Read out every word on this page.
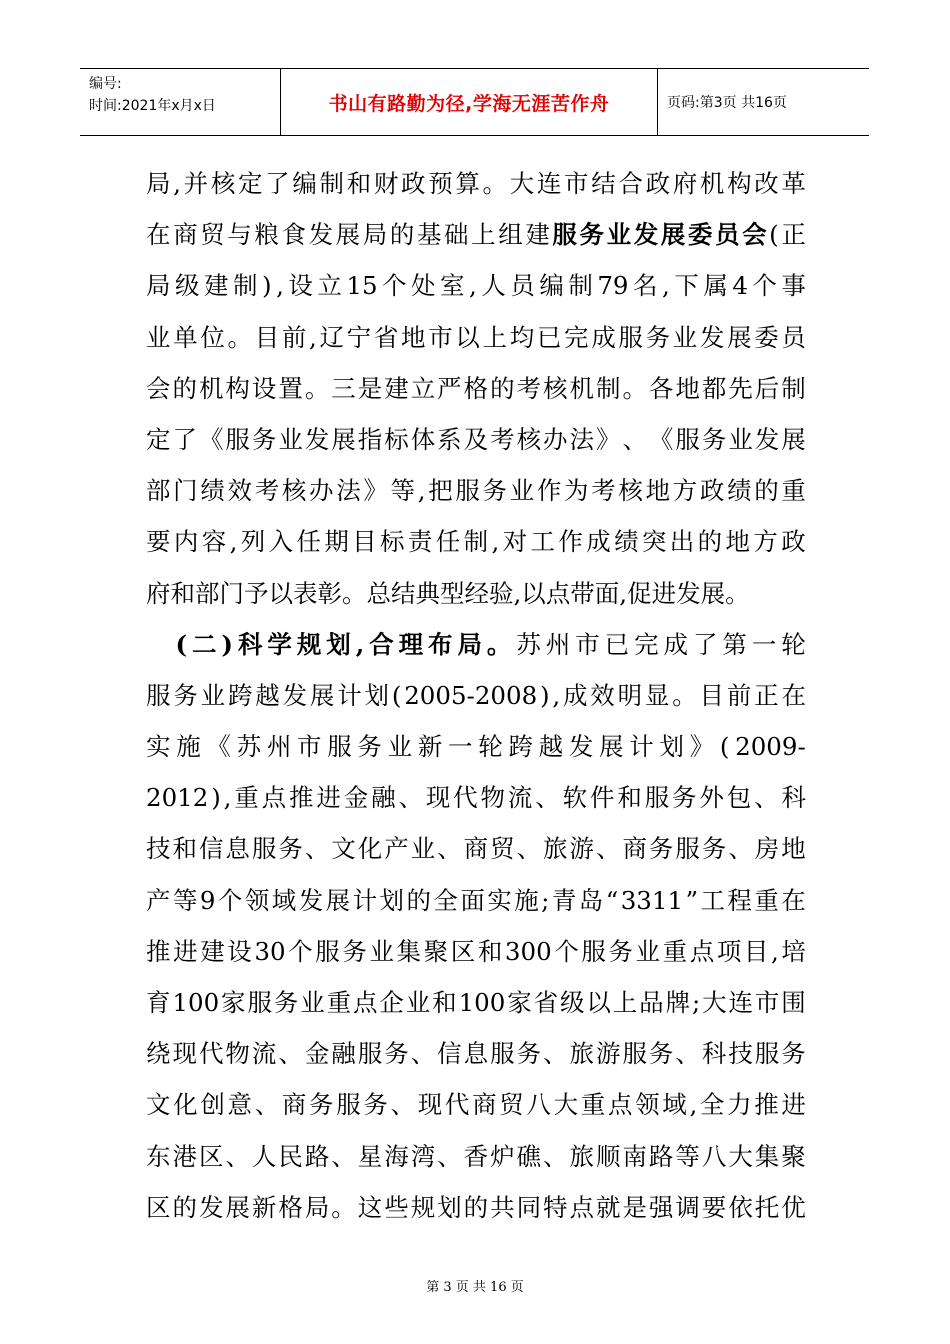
编号:
时间:2021年x月x日	书山有路勤为径,学海无涯苦作舟	页码:第3页 共16页
局 , 并 核 定 了 编 制 和 财 政 预 算 。 大 连 市 结 合 政 府 机 构 改 革
在 商 贸 与 粮 食 发 展 局 的 基 础 上 组 建 服 务 业 发 展 委 员 会 ( 正
局 级 建 制 ) , 设 立 15 个 处 室 , 人 员 编 制 79 名 , 下 属 4 个 事
业 单 位 。 目 前 , 辽 宁 省 地 市 以 上 均 已 完 成 服 务 业 发 展 委 员
会 的 机 构 设 置 。 三 是 建 立 严 格 的 考 核 机 制 。 各 地 都 先 后 制
定 了 《 服 务 业 发 展 指 标 体 系 及 考 核 办 法 》 、 《 服 务 业 发 展
部 门 绩 效 考 核 办 法 》 等 , 把 服 务 业 作 为 考 核 地 方 政 绩 的 重
要 内 容 , 列 入 任 期 目 标 责 任 制 , 对 工 作 成 绩 突 出 的 地 方 政
府 和 部 门 予 以 表 彰 。 总 结 典 型 经 验 , 以 点 带 面 , 促 进 发 展 。

( 二 ) 科 学 规 划 , 合 理 布 局 。 苏 州 市 已 完 成 了 第 一 轮
服 务 业 跨 越 发 展 计 划 ( 2005-2008 ) , 成 效 明 显 。 目 前 正 在
实 施 《 苏 州 市 服 务 业 新 一 轮 跨 越 发 展 计 划 》 ( 2009-
2012 ) , 重 点 推 进 金 融 、 现 代 物 流 、 软 件 和 服 务 外 包 、 科
技 和 信 息 服 务 、 文 化 产 业 、 商 贸 、 旅 游 、 商 务 服 务 、 房 地
产 等 9 个 领 域 发 展 计 划 的 全 面 实 施 ; 青 岛 “ 3311 ” 工 程 重 在
推 进 建 设 30 个 服 务 业 集 聚 区 和 300 个 服 务 业 重 点 项 目 , 培
育 100 家 服 务 业 重 点 企 业 和 100 家 省 级 以 上 品 牌 ; 大 连 市 围
绕 现 代 物 流 、 金 融 服 务 、 信 息 服 务 、 旅 游 服 务 、 科 技 服 务
文 化 创 意 、 商 务 服 务 、 现 代 商 贸 八 大 重 点 领 域 , 全 力 推 进
东 港 区 、 人 民 路 、 星 海 湾 、 香 炉 礁 、 旅 顺 南 路 等 八 大 集 聚
区 的 发 展 新 格 局 。 这 些 规 划 的 共 同 特 点 就 是 强 调 要 依 托 优
第 3 页 共 16 页
